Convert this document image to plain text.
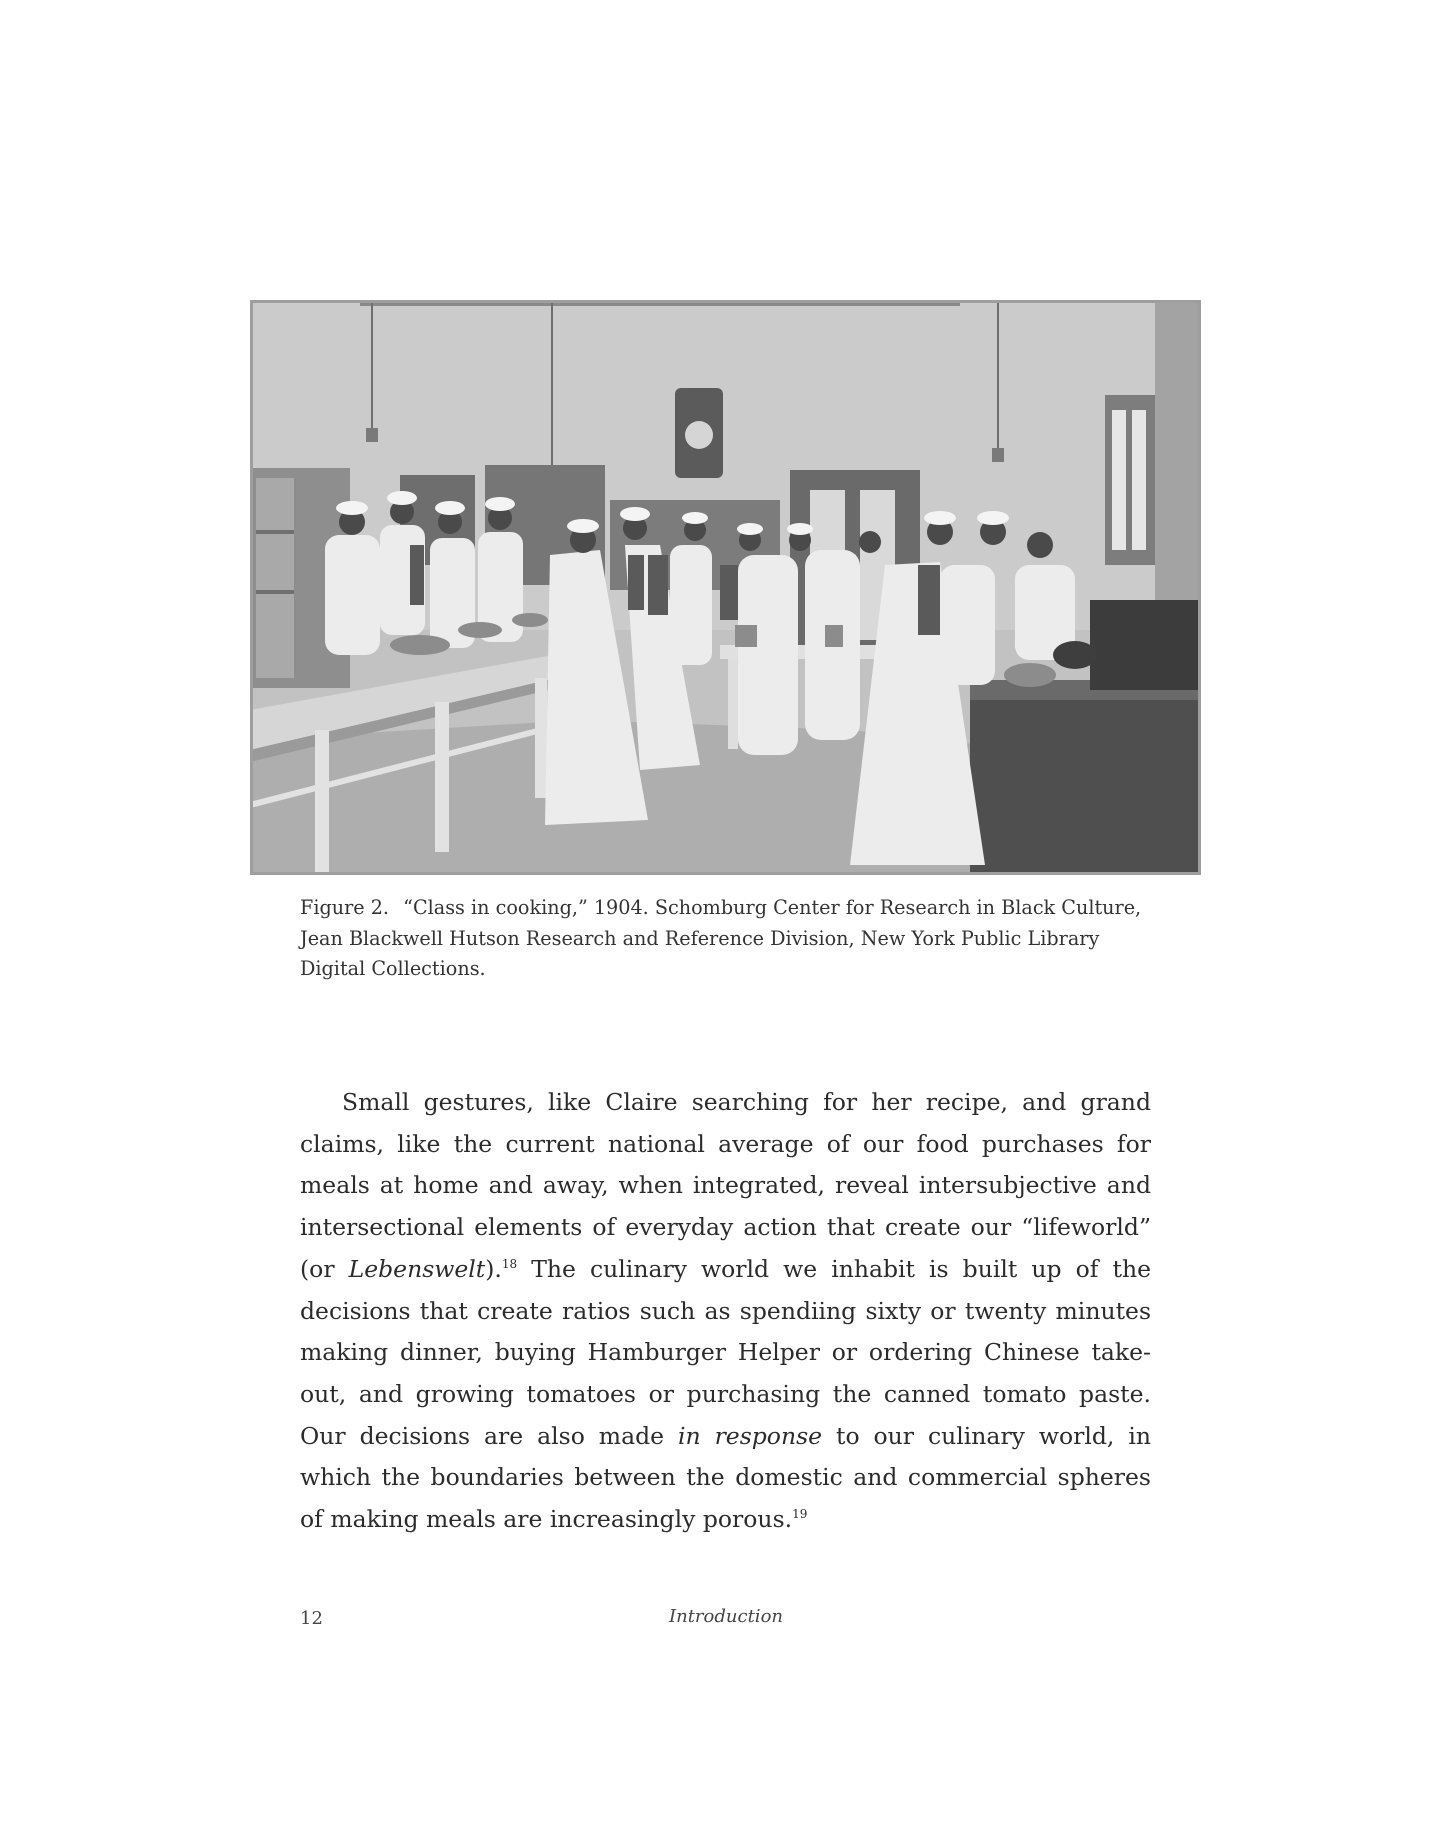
Figure 2. “Class in cooking,” 1904. Schomburg Center for Research in Black Culture, Jean Blackwell Hutson Research and Reference Division, New York Public Library Digital Collections.

Small gestures, like Claire searching for her recipe, and grand claims, like the current national average of our food purchases for meals at home and away, when integrated, reveal intersubjective and intersectional elements of everyday action that create our “lifeworld” (or Lebenswelt).$^{18}$ The culinary world we inhabit is built up of the decisions that create ratios such as spendiing sixty or twenty minutes making dinner, buying Hamburger Helper or ordering Chinese take-out, and growing tomatoes or purchasing the canned tomato paste. Our decisions are also made in response to our culinary world, in which the boundaries between the domestic and commercial spheres of making meals are increasingly porous.$^{19}$

12	Introduction
